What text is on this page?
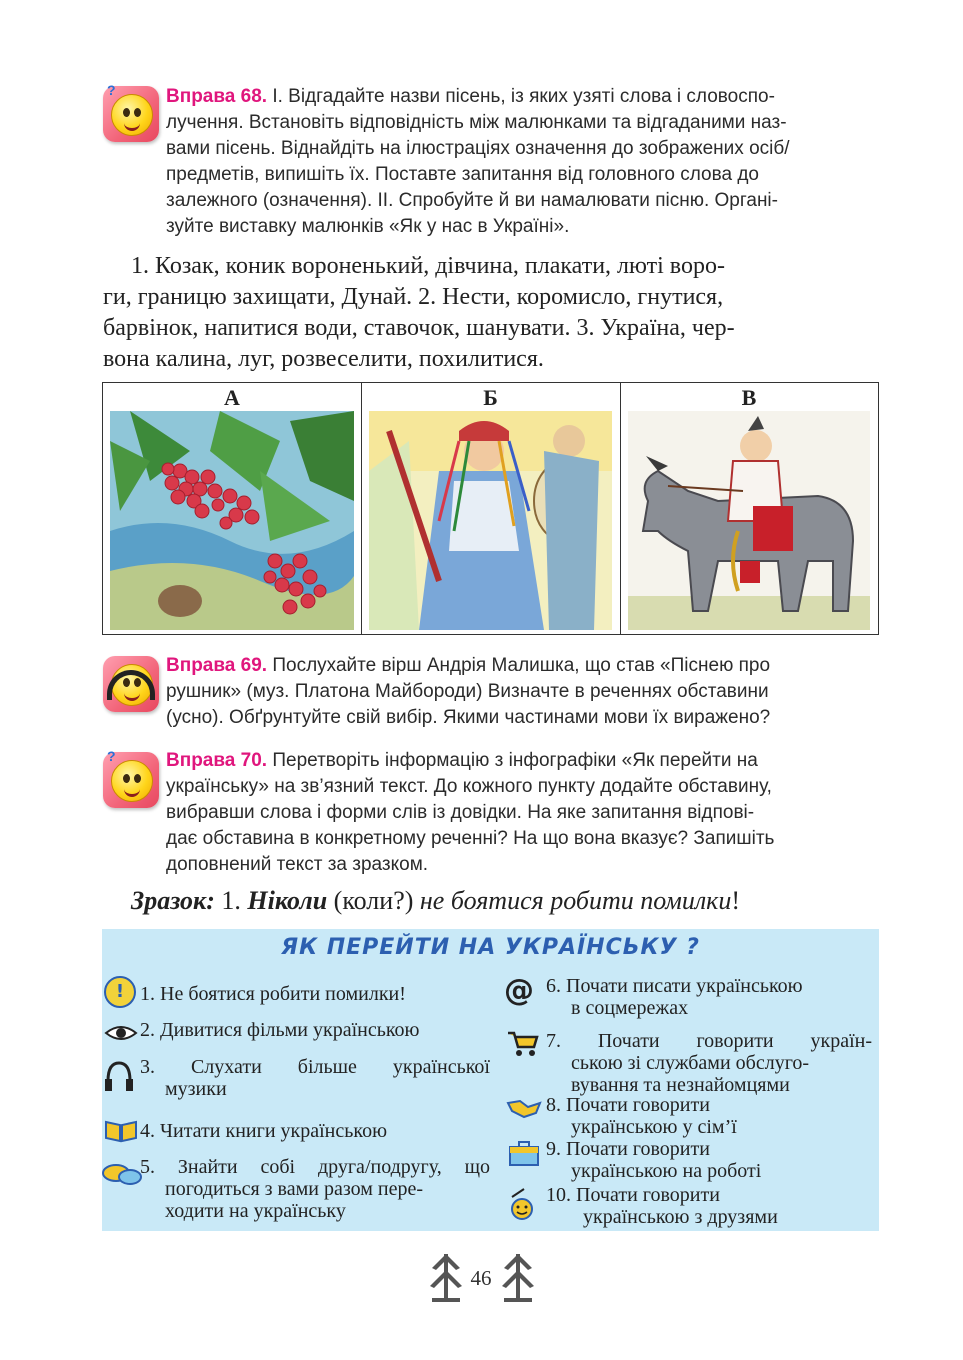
?	Вправа 68. І. Відгадайте назви пісень, із яких узяті слова і словоспо-
лучення. Встановіть відповідність між малюнками та відгаданими наз-
вами пісень. Віднайдіть на ілюстраціях означення до зображених осіб/
предметів, випишіть їх. Поставте запитання від головного слова до
залежного (означення). ІІ. Спробуйте й ви намалювати пісню. Органі-
зуйте виставку малюнків «Як у нас в Україні».
1. Козак, коник вороненький, дівчина, плакати, люті воро-
ги, границю захищати, Дунай. 2. Нести, коромисло, гнутися,
барвінок, напитися води, ставочок, шанувати. 3. Україна, чер-
вона калина, луг, розвеселити, похилитися.
А	Б	В
Вправа 69. Послухайте вірш Андрія Малишка, що став «Піснею про
рушник» (муз. Платона Майбороди) Визначте в реченнях обставини
(усно). Обґрунтуйте свій вибір. Якими частинами мови їх виражено?
?	Вправа 70. Перетворіть інформацію з інфографіки «Як перейти на
українську» на зв’язний текст. До кожного пункту додайте обставину,
вибравши слова і форми слів із довідки. На яке запитання відпові-
дає обставина в конкретному реченні? На що вона вказує? Запишіть
доповнений текст за зразком.
Зразок: 1. Ніколи (коли?) не боятися робити помилки!
ЯК ПЕРЕЙТИ НА УКРАЇНСЬКУ ?
! 1. Не боятися робити помилки!
2. Дивитися фільми українською
3. Слухати більше української
музики
4. Читати книги українською
5. Знайти собі друга/подругу, що
погодиться з вами разом пере-
ходити на українську
@ 6. Почати писати українською
в соцмережах
7. Почати говорити україн-
ською зі службами обслуго-
вування та незнайомцями
8. Почати говорити
українською у сім’ї
9. Почати говорити
українською на роботі
10. Почати говорити
українською з друзями
46
